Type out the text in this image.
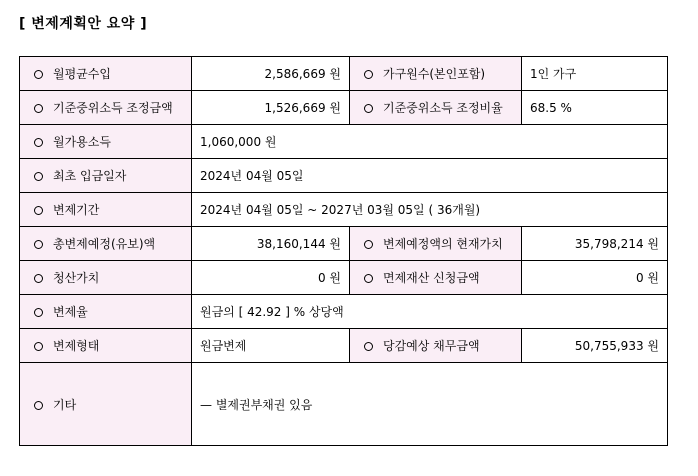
[ 변제계획안 요약 ]
월평균수입	2,586,669 원	가구원수(본인포함)	1인 가구
기준중위소득 조정금액	1,526,669 원	기준중위소득 조정비율	68.5 %
월가용소득	1,060,000 원		
최초 입금일자	2024년 04월 05일		
변제기간	2024년 04월 05일 ~ 2027년 03월 05일 ( 36개월)		
총변제예정(유보)액	38,160,144 원	변제예정액의 현재가치	35,798,214 원
청산가치	0 원	면제재산 신청금액	0 원
변제율	원금의 [ 42.92 ] % 상당액		
변제형태	원금변제	당감예상 채무금액	50,755,933 원
기타	— 별제권부채권 있음		
